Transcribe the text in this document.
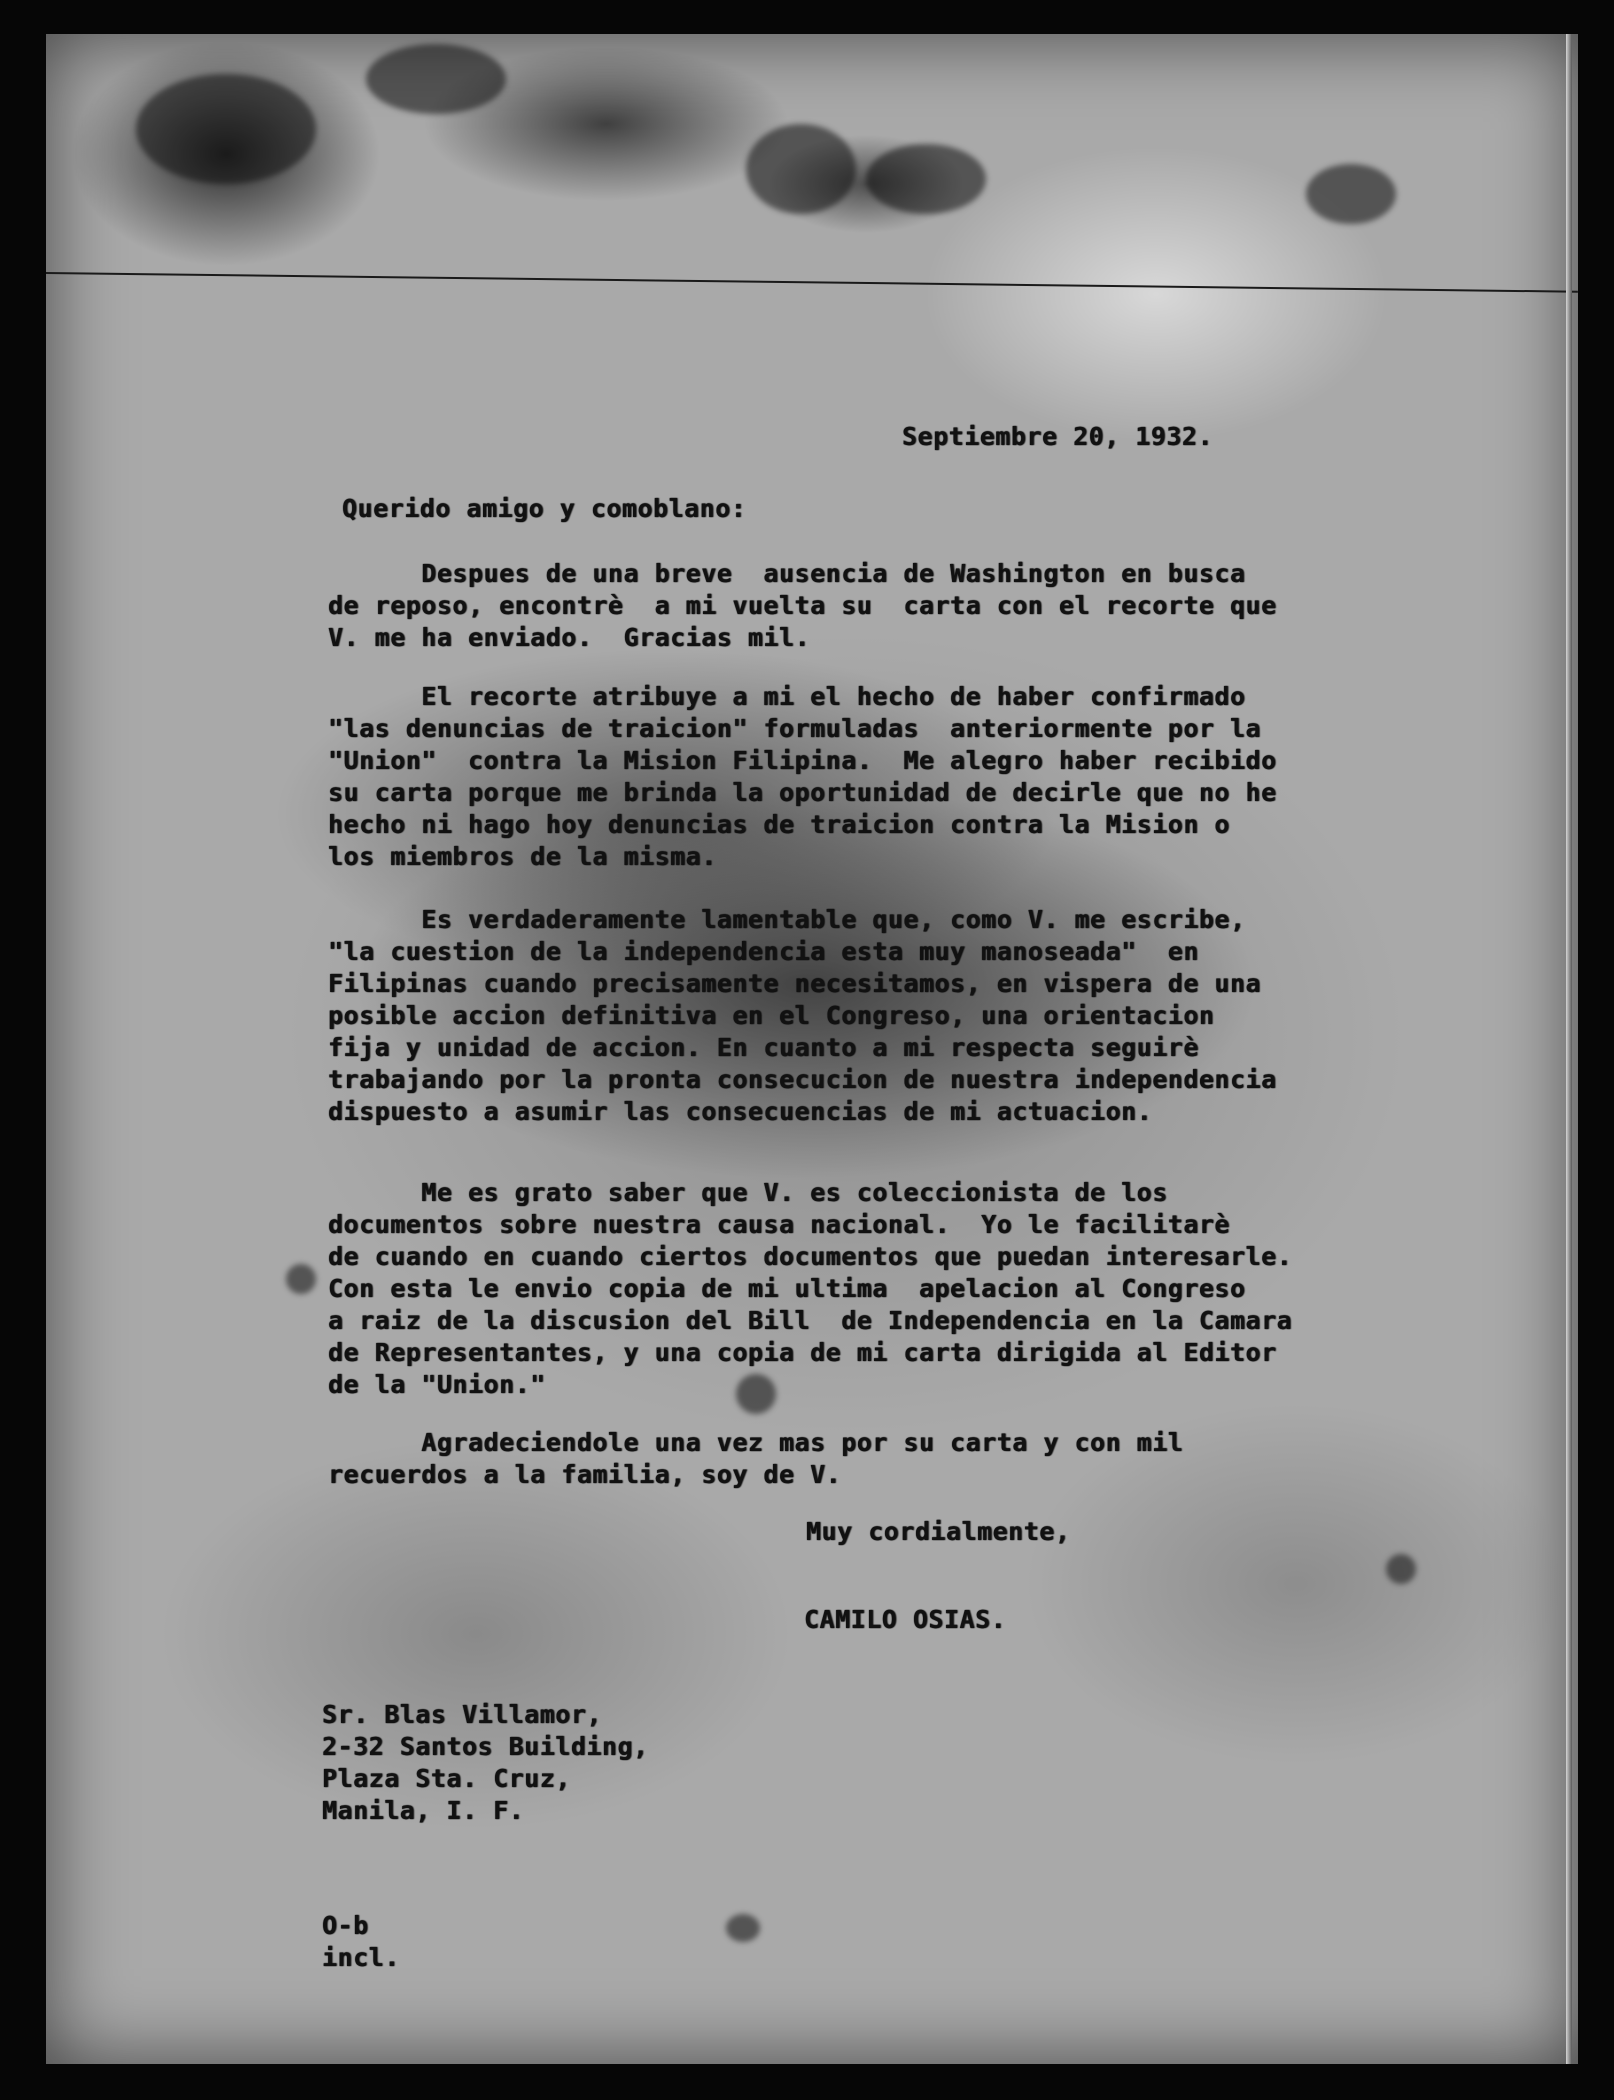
Septiembre 20, 1932.
Querido amigo y comoblano:
Despues de una breve  ausencia de Washington en busca
de reposo, encontrè  a mi vuelta su  carta con el recorte que
V. me ha enviado.  Gracias mil.
El recorte atribuye a mi el hecho de haber confirmado
"las denuncias de traicion" formuladas  anteriormente por la
"Union"  contra la Mision Filipina.  Me alegro haber recibido
su carta porque me brinda la oportunidad de decirle que no he
hecho ni hago hoy denuncias de traicion contra la Mision o
los miembros de la misma.
Es verdaderamente lamentable que, como V. me escribe,
"la cuestion de la independencia esta muy manoseada"  en
Filipinas cuando precisamente necesitamos, en vispera de una
posible accion definitiva en el Congreso, una orientacion
fija y unidad de accion. En cuanto a mi respecta seguirè
trabajando por la pronta consecucion de nuestra independencia
dispuesto a asumir las consecuencias de mi actuacion.
Me es grato saber que V. es coleccionista de los
documentos sobre nuestra causa nacional.  Yo le facilitarè
de cuando en cuando ciertos documentos que puedan interesarle.
Con esta le envio copia de mi ultima  apelacion al Congreso
a raiz de la discusion del Bill  de Independencia en la Camara
de Representantes, y una copia de mi carta dirigida al Editor
de la "Union."
Agradeciendole una vez mas por su carta y con mil
recuerdos a la familia, soy de V.
Muy cordialmente,
CAMILO OSIAS.
Sr. Blas Villamor,
2-32 Santos Building,
Plaza Sta. Cruz,
Manila, I. F.
O-b
incl.
